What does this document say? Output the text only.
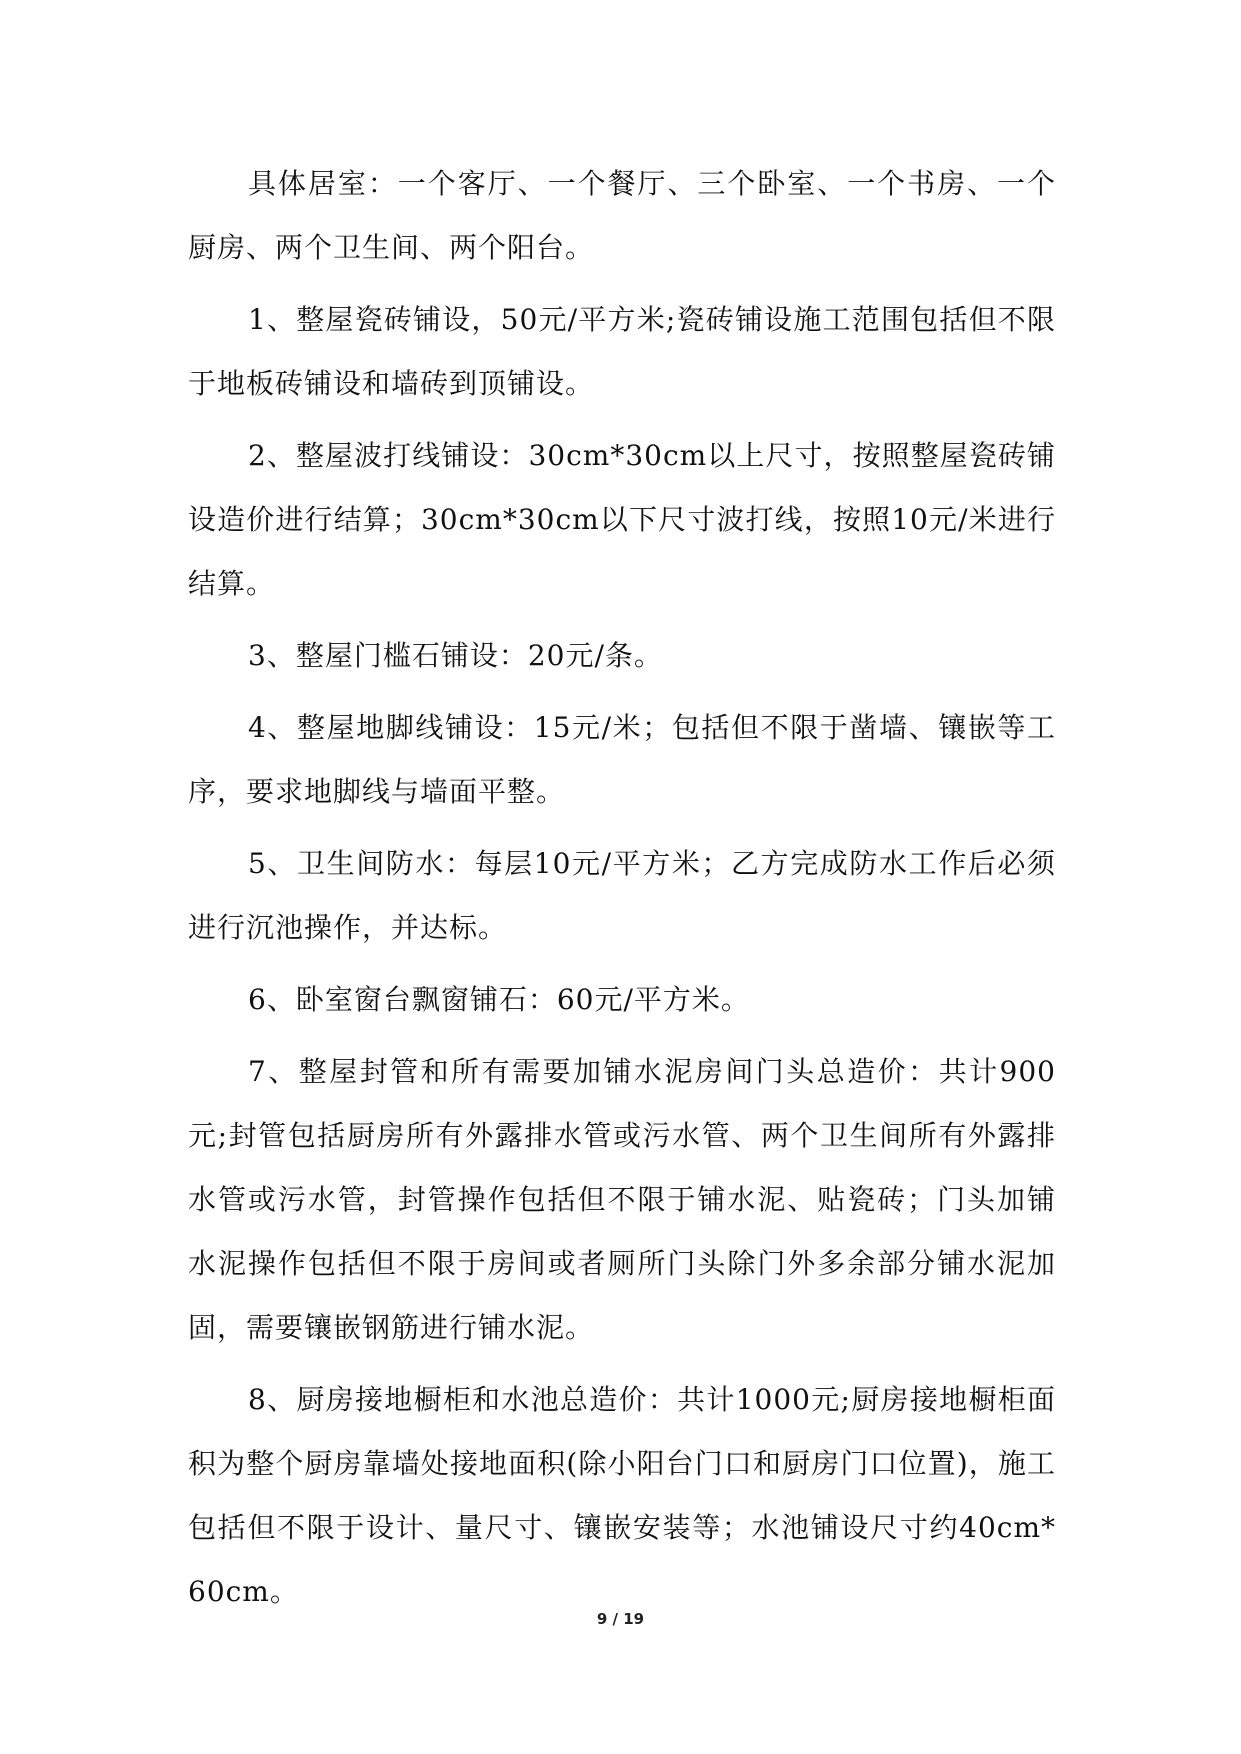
具体居室：一个客厅、一个餐厅、三个卧室、一个书房、一个厨房、两个卫生间、两个阳台。

1、整屋瓷砖铺设，50元/平方米;瓷砖铺设施工范围包括但不限于地板砖铺设和墙砖到顶铺设。

2、整屋波打线铺设：30cm*30cm以上尺寸，按照整屋瓷砖铺设造价进行结算；30cm*30cm以下尺寸波打线，按照10元/米进行结算。

3、整屋门槛石铺设：20元/条。

4、整屋地脚线铺设：15元/米；包括但不限于凿墙、镶嵌等工序，要求地脚线与墙面平整。

5、卫生间防水：每层10元/平方米；乙方完成防水工作后必须进行沉池操作，并达标。

6、卧室窗台飘窗铺石：60元/平方米。

7、整屋封管和所有需要加铺水泥房间门头总造价：共计900元;封管包括厨房所有外露排水管或污水管、两个卫生间所有外露排水管或污水管，封管操作包括但不限于铺水泥、贴瓷砖；门头加铺水泥操作包括但不限于房间或者厕所门头除门外多余部分铺水泥加固，需要镶嵌钢筋进行铺水泥。

8、厨房接地橱柜和水池总造价：共计1000元;厨房接地橱柜面积为整个厨房靠墙处接地面积(除小阳台门口和厨房门口位置)，施工包括但不限于设计、量尺寸、镶嵌安装等；水池铺设尺寸约40cm*60cm。

9 / 19
